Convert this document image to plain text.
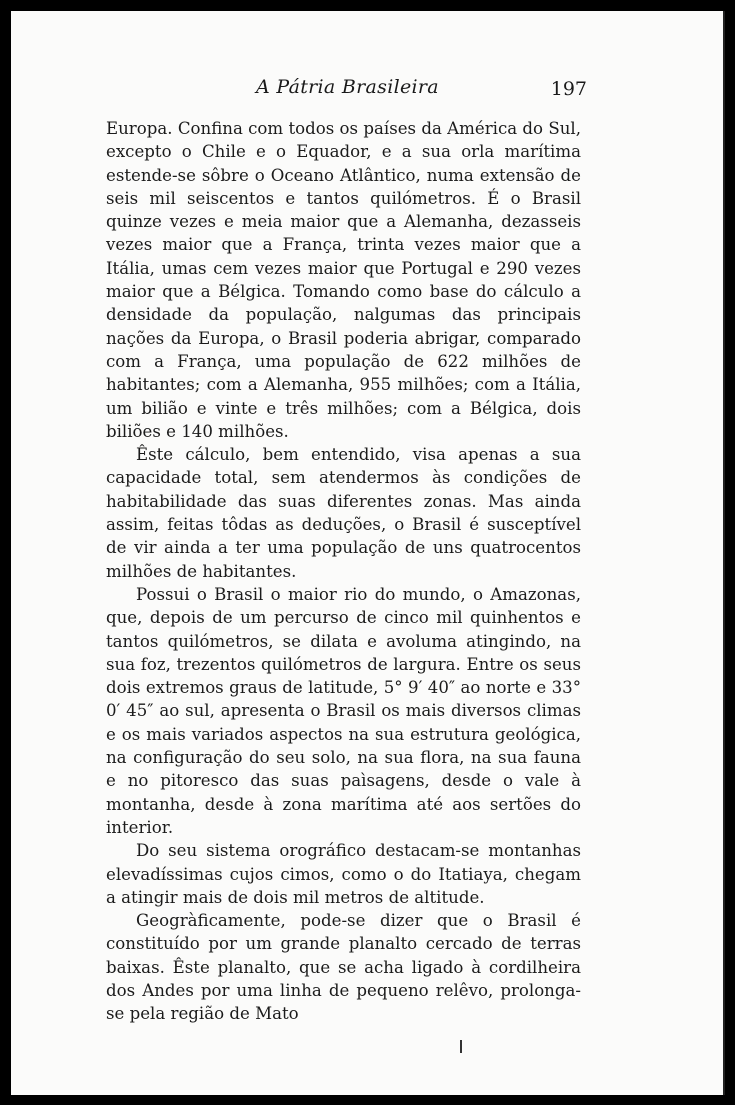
A Pátria Brasileira	197

Europa. Confina com todos os países da América do Sul, excepto o Chile e o Equador, e a sua orla marítima estende-se sôbre o Oceano Atlântico, numa extensão de seis mil seiscentos e tantos quilómetros. É o Brasil quinze vezes e meia maior que a Alemanha, dezasseis vezes maior que a França, trinta vezes maior que a Itália, umas cem vezes maior que Portugal e 290 vezes maior que a Bélgica. Tomando como base do cálculo a densidade da população, nalgumas das principais nações da Europa, o Brasil poderia abrigar, comparado com a França, uma população de 622 milhões de habitantes; com a Alemanha, 955 milhões; com a Itália, um bilião e vinte e três milhões; com a Bélgica, dois biliões e 140 milhões.

Êste cálculo, bem entendido, visa apenas a sua capacidade total, sem atendermos às condições de habitabilidade das suas diferentes zonas. Mas ainda assim, feitas tôdas as deduções, o Brasil é susceptível de vir ainda a ter uma população de uns quatrocentos milhões de habitantes.

Possui o Brasil o maior rio do mundo, o Amazonas, que, depois de um percurso de cinco mil quinhentos e tantos quilómetros, se dilata e avoluma atingindo, na sua foz, trezentos quilómetros de largura. Entre os seus dois extremos graus de latitude, 5° 9′ 40″ ao norte e 33° 0′ 45″ ao sul, apresenta o Brasil os mais diversos climas e os mais variados aspectos na sua estrutura geológica, na configuração do seu solo, na sua flora, na sua fauna e no pitoresco das suas paìsagens, desde o vale à montanha, desde à zona marítima até aos sertões do interior.

Do seu sistema orográfico destacam-se montanhas elevadíssimas cujos cimos, como o do Itatiaya, chegam a atingir mais de dois mil metros de altitude.

Geogràficamente, pode-se dizer que o Brasil é constituído por um grande planalto cercado de terras baixas. Êste planalto, que se acha ligado à cordilheira dos Andes por uma linha de pequeno relêvo, prolonga-se pela região de Mato
